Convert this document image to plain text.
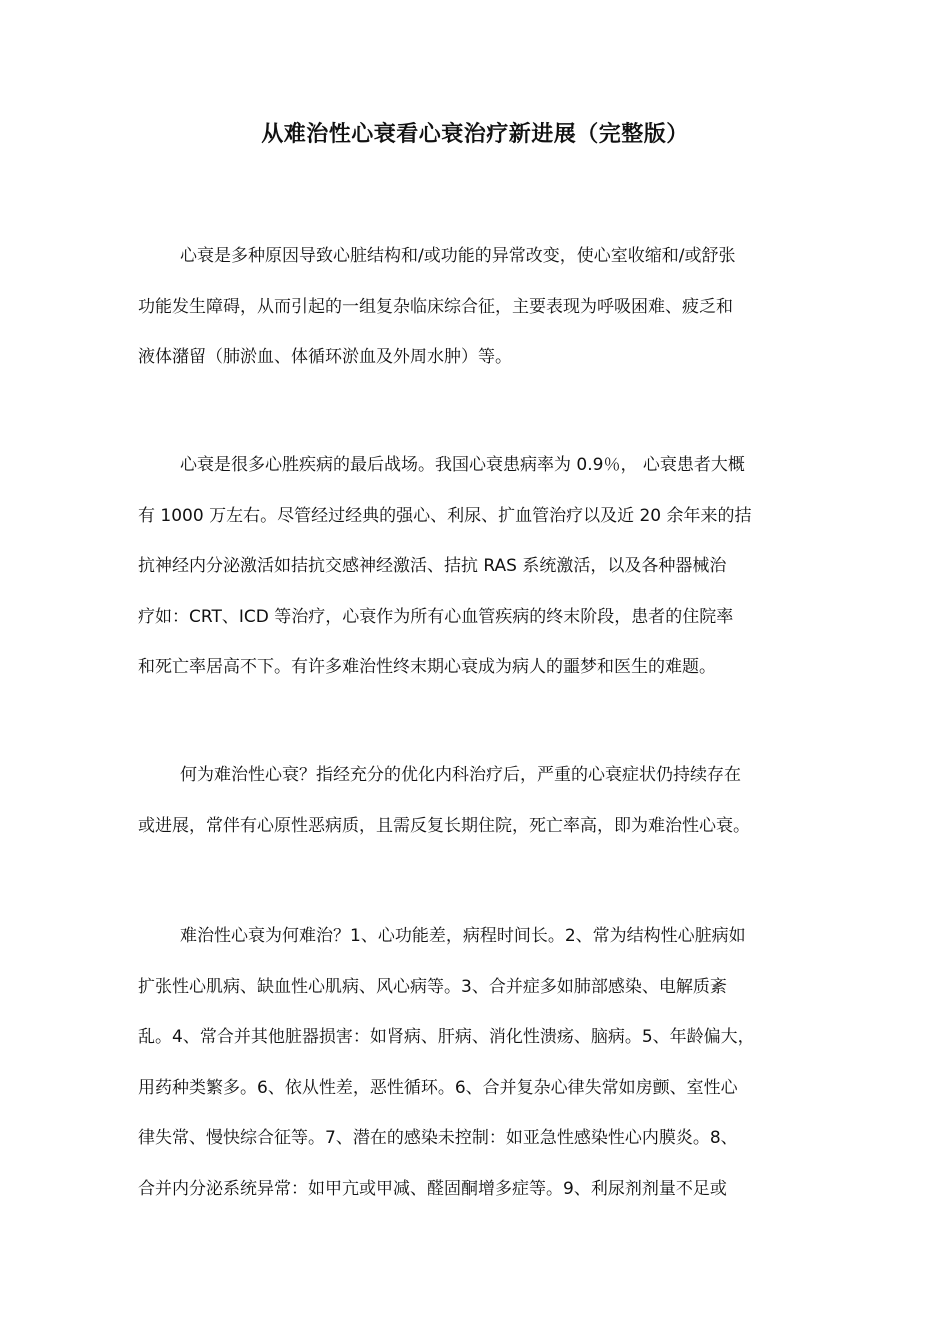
从难治性心衰看心衰治疗新进展（完整版）
心衰是多种原因导致心脏结构和/或功能的异常改变，使心室收缩和/或舒张
功能发生障碍，从而引起的一组复杂临床综合征，主要表现为呼吸困难、疲乏和
液体潴留（肺淤血、体循环淤血及外周水肿）等。
心衰是很多心胜疾病的最后战场。我国心衰患病率为 0.9％， 心衰患者大概
有 1000 万左右。尽管经过经典的强心、利尿、扩血管治疗以及近 20 余年来的拮
抗神经内分泌激活如拮抗交感神经激活、拮抗 RAS 系统激活，以及各种器械治
疗如：CRT、ICD 等治疗，心衰作为所有心血管疾病的终末阶段，患者的住院率
和死亡率居高不下。有许多难治性终末期心衰成为病人的噩梦和医生的难题。
何为难治性心衰？指经充分的优化内科治疗后，严重的心衰症状仍持续存在
或进展，常伴有心原性恶病质，且需反复长期住院，死亡率高，即为难治性心衰。
难治性心衰为何难治？1、心功能差，病程时间长。2、常为结构性心脏病如
扩张性心肌病、缺血性心肌病、风心病等。3、合并症多如肺部感染、电解质紊
乱。4、常合并其他脏器损害：如肾病、肝病、消化性溃疡、脑病。5、年龄偏大，
用药种类繁多。6、依从性差，恶性循环。6、合并复杂心律失常如房颤、室性心
律失常、慢快综合征等。7、潜在的感染未控制：如亚急性感染性心内膜炎。8、
合并内分泌系统异常：如甲亢或甲减、醛固酮增多症等。9、利尿剂剂量不足或
